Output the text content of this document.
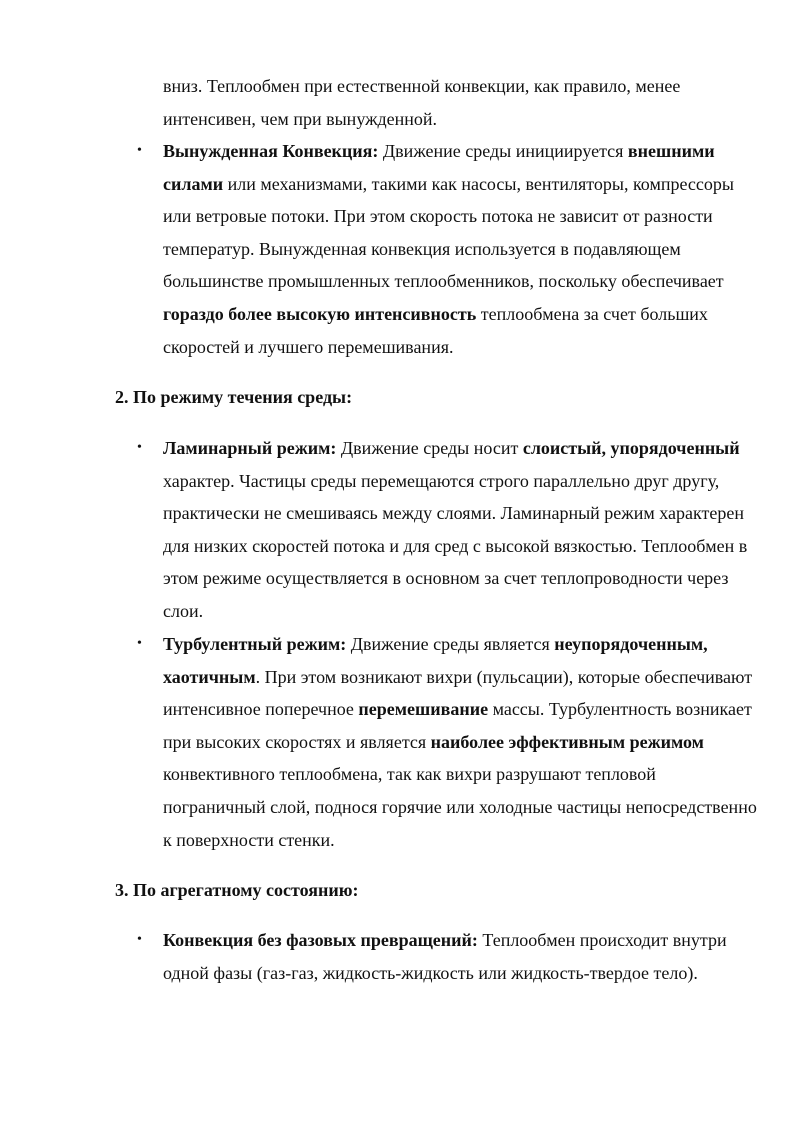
вниз. Теплообмен при естественной конвекции, как правило, менее интенсивен, чем при вынужденной.

• Вынужденная Конвекция: Движение среды инициируется внешними силами или механизмами, такими как насосы, вентиляторы, компрессоры или ветровые потоки. При этом скорость потока не зависит от разности температур. Вынужденная конвекция используется в подавляющем большинстве промышленных теплообменников, поскольку обеспечивает гораздо более высокую интенсивность теплообмена за счет больших скоростей и лучшего перемешивания.

2. По режиму течения среды:

• Ламинарный режим: Движение среды носит слоистый, упорядоченный характер. Частицы среды перемещаются строго параллельно друг другу, практически не смешиваясь между слоями. Ламинарный режим характерен для низких скоростей потока и для сред с высокой вязкостью. Теплообмен в этом режиме осуществляется в основном за счет теплопроводности через слои.

• Турбулентный режим: Движение среды является неупорядоченным, хаотичным. При этом возникают вихри (пульсации), которые обеспечивают интенсивное поперечное перемешивание массы. Турбулентность возникает при высоких скоростях и является наиболее эффективным режимом конвективного теплообмена, так как вихри разрушают тепловой пограничный слой, поднося горячие или холодные частицы непосредственно к поверхности стенки.

3. По агрегатному состоянию:

• Конвекция без фазовых превращений: Теплообмен происходит внутри одной фазы (газ-газ, жидкость-жидкость или жидкость-твердое тело).
